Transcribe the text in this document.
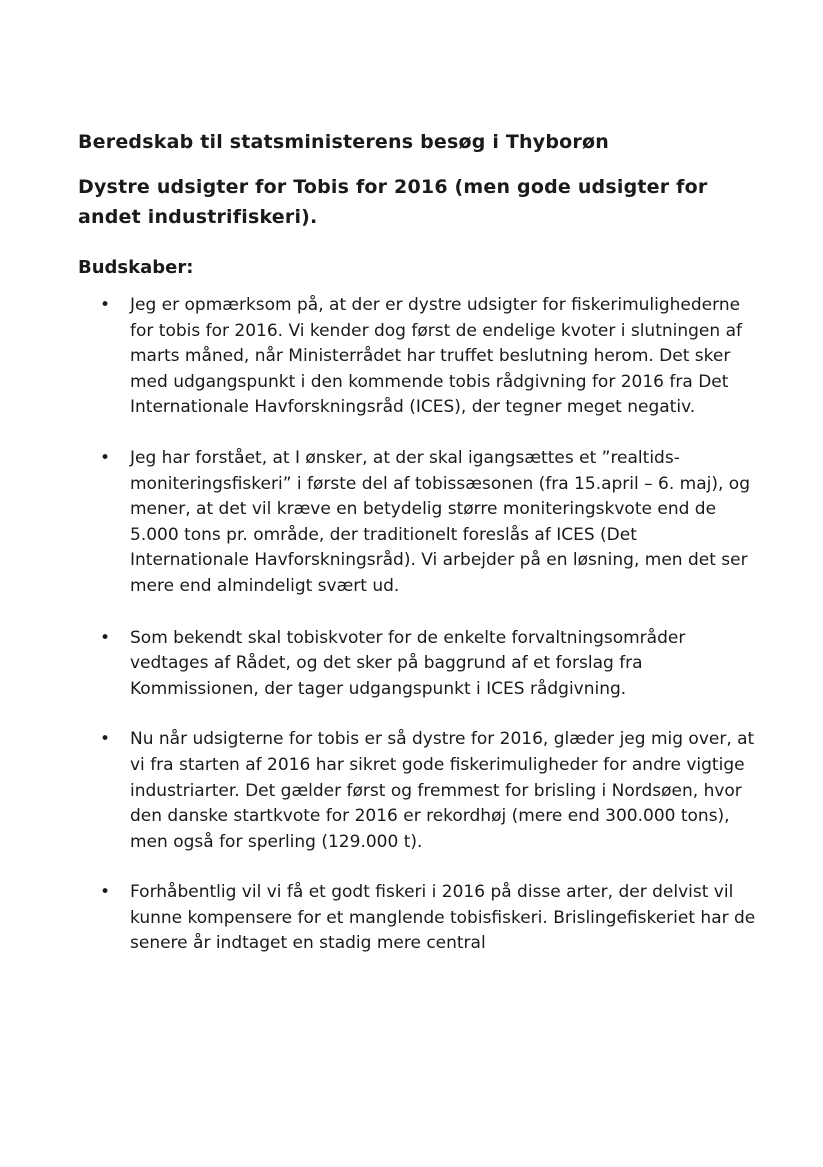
Beredskab til statsministerens besøg i Thyborøn
Dystre udsigter for Tobis for 2016 (men gode udsigter for andet industrifiskeri).
Budskaber:
•	Jeg er opmærksom på, at der er dystre udsigter for fiskerimulighederne for tobis for 2016. Vi kender dog først de endelige kvoter i slutningen af marts måned, når Ministerrådet har truffet beslutning herom. Det sker med udgangspunkt i den kommende tobis rådgivning for 2016 fra Det Internationale Havforskningsråd (ICES), der tegner meget negativ.
•	Jeg har forstået, at I ønsker, at der skal igangsættes et ”realtids-moniteringsfiskeri” i første del af tobissæsonen (fra 15.april – 6. maj), og mener, at det vil kræve en betydelig større moniteringskvote end de 5.000 tons pr. område, der traditionelt foreslås af ICES (Det Internationale Havforskningsråd). Vi arbejder på en løsning, men det ser mere end almindeligt svært ud.
•	Som bekendt skal tobiskvoter for de enkelte forvaltningsområder vedtages af Rådet, og det sker på baggrund af et forslag fra Kommissionen, der tager udgangspunkt i ICES rådgivning.
•	Nu når udsigterne for tobis er så dystre for 2016, glæder jeg mig over, at vi fra starten af 2016 har sikret gode fiskerimuligheder for andre vigtige industriarter. Det gælder først og fremmest for brisling i Nordsøen, hvor den danske startkvote for 2016 er rekordhøj (mere end 300.000 tons), men også for sperling (129.000 t).
•	Forhåbentlig vil vi få et godt fiskeri i 2016 på disse arter, der delvist vil kunne kompensere for et manglende tobisfiskeri. Brislingefiskeriet har de senere år indtaget en stadig mere central
